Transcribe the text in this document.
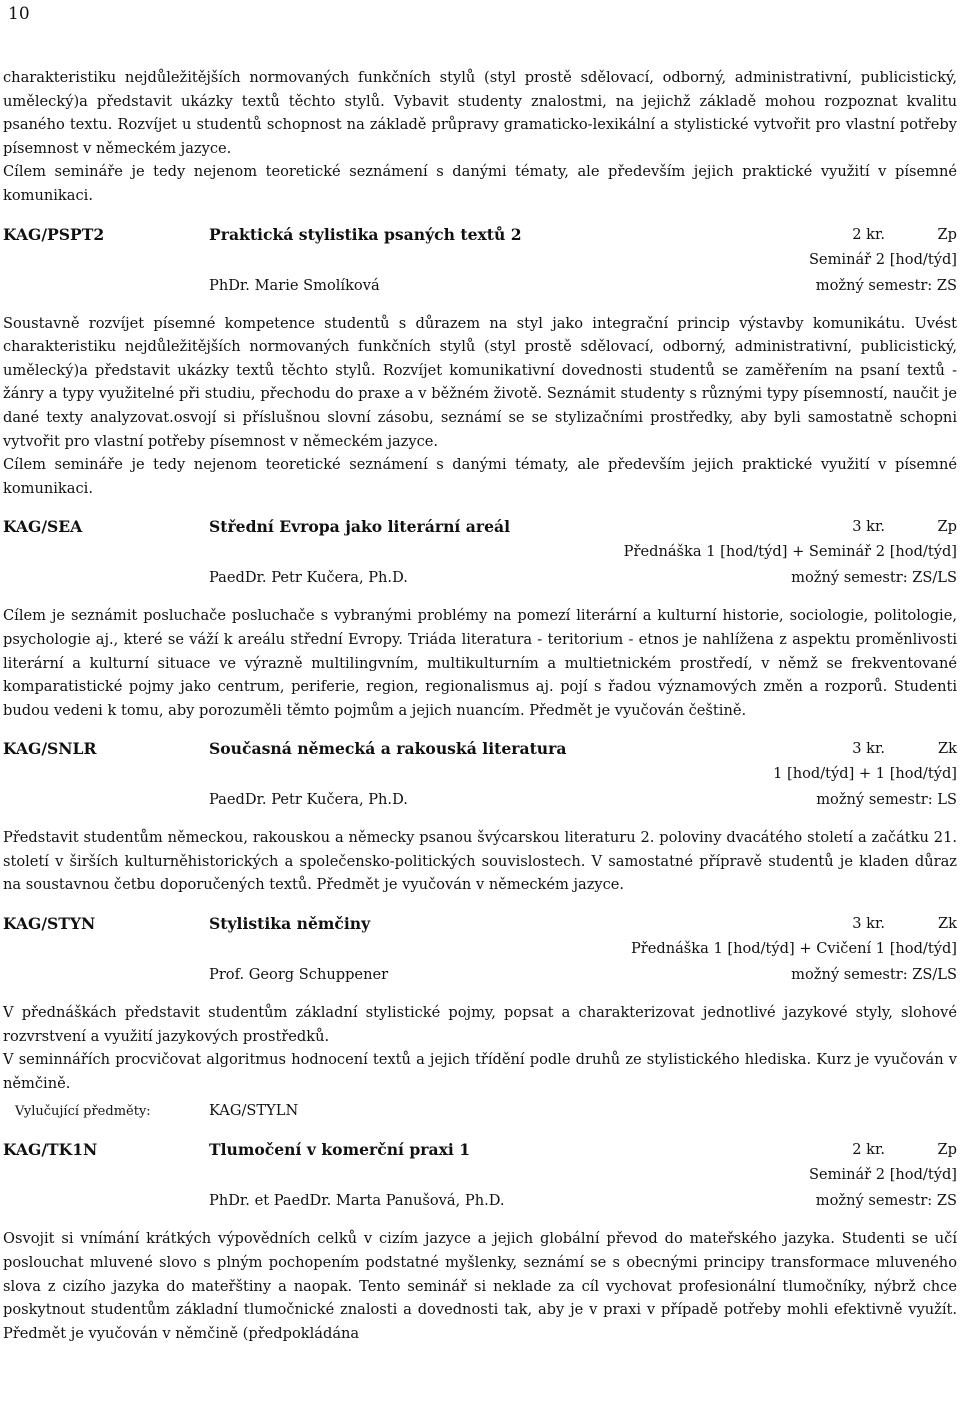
10

charakteristiku nejdůležitějších normovaných funkčních stylů (styl prostě sdělovací, odborný, administrativní, publicistický, umělecký)a představit ukázky textů těchto stylů. Vybavit studenty znalostmi, na jejichž základě mohou rozpoznat kvalitu psaného textu. Rozvíjet u studentů schopnost na základě průpravy gramaticko-lexikální a stylistické vytvořit pro vlastní potřeby písemnost v německém jazyce.

Cílem semináře je tedy nejenom teoretické seznámení s danými tématy, ale především jejich praktické využití v písemné komunikaci.

KAG/PSPT2	Praktická stylistika psaných textů 2	2 kr.	Zp
Seminář 2 [hod/týd]
PhDr. Marie Smolíková	možný semestr: ZS

Soustavně rozvíjet písemné kompetence studentů s důrazem na styl jako integrační princip výstavby komunikátu. Uvést charakteristiku nejdůležitějších normovaných funkčních stylů (styl prostě sdělovací, odborný, administrativní, publicistický, umělecký)a představit ukázky textů těchto stylů. Rozvíjet komunikativní dovednosti studentů se zaměřením na psaní textů - žánry a typy využitelné při studiu, přechodu do praxe a v běžném životě. Seznámit studenty s různými typy písemností, naučit je dané texty analyzovat.osvojí si příslušnou slovní zásobu, seznámí se se stylizačními prostředky, aby byli samostatně schopni vytvořit pro vlastní potřeby písemnost v německém jazyce.

Cílem semináře je tedy nejenom teoretické seznámení s danými tématy, ale především jejich praktické využití v písemné komunikaci.

KAG/SEA	Střední Evropa jako literární areál	3 kr.	Zp
Přednáška 1 [hod/týd] + Seminář 2 [hod/týd]
PaedDr. Petr Kučera, Ph.D.	možný semestr: ZS/LS

Cílem je seznámit posluchače posluchače s vybranými problémy na pomezí literární a kulturní historie, sociologie, politologie, psychologie aj., které se váží k areálu střední Evropy. Triáda literatura - teritorium - etnos je nahlížena z aspektu proměnlivosti literární a kulturní situace ve výrazně multilingvním, multikulturním a multietnickém prostředí, v němž se frekventované komparatistické pojmy jako centrum, periferie, region, regionalismus aj. pojí s řadou významových změn a rozporů. Studenti budou vedeni k tomu, aby porozuměli těmto pojmům a jejich nuancím. Předmět je vyučován češtině.

KAG/SNLR	Současná německá a rakouská literatura	3 kr.	Zk
1 [hod/týd] + 1 [hod/týd]
PaedDr. Petr Kučera, Ph.D.	možný semestr: LS

Představit studentům německou, rakouskou a německy psanou švýcarskou literaturu 2. poloviny dvacátého století a začátku 21. století v širších kulturněhistorických a společensko-politických souvislostech. V samostatné přípravě studentů je kladen důraz na soustavnou četbu doporučených textů. Předmět je vyučován v německém jazyce.

KAG/STYN	Stylistika němčiny	3 kr.	Zk
Přednáška 1 [hod/týd] + Cvičení 1 [hod/týd]
Prof. Georg Schuppener	možný semestr: ZS/LS

V přednáškách představit studentům základní stylistické pojmy, popsat a charakterizovat jednotlivé jazykové styly, slohové rozvrstvení a využití jazykových prostředků.

V seminnářích procvičovat algoritmus hodnocení textů a jejich třídění podle druhů ze stylistického hlediska. Kurz je vyučován v němčině.

Vylučující předměty:	KAG/STYLN
KAG/TK1N	Tlumočení v komerční praxi 1	2 kr.	Zp
Seminář 2 [hod/týd]
PhDr. et PaedDr. Marta Panušová, Ph.D.	možný semestr: ZS

Osvojit si vnímání krátkých výpovědních celků v cizím jazyce a jejich globální převod do mateřského jazyka. Studenti se učí poslouchat mluvené slovo s plným pochopením podstatné myšlenky, seznámí se s obecnými principy transformace mluveného slova z cizího jazyka do mateřštiny a naopak. Tento seminář si neklade za cíl vychovat profesionální tlumočníky, nýbrž chce poskytnout studentům základní tlumočnické znalosti a dovednosti tak, aby je v praxi v případě potřeby mohli efektivně využít. Předmět je vyučován v němčině (předpokládána
